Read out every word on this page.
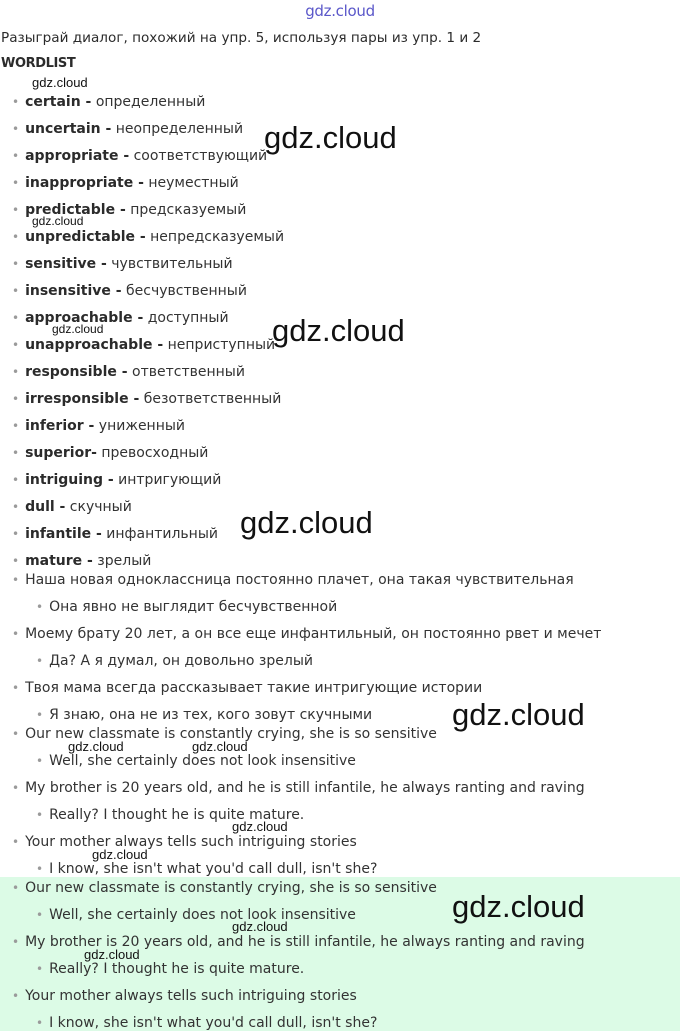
gdz.cloud
Разыграй диалог, похожий на упр. 5, используя пары из упр. 1 и 2
WORDLIST
• certain - определенный
• uncertain - неопределенный
• appropriate - соответствующий
• inappropriate - неуместный
• predictable - предсказуемый
• unpredictable - непредсказуемый
• sensitive - чувствительный
• insensitive - бесчувственный
• approachable - доступный
• unapproachable - неприступный
• responsible - ответственный
• irresponsible - безответственный
• inferior - униженный
• superior- превосходный
• intriguing - интригующий
• dull - скучный
• infantile - инфантильный
• mature - зрелый
• Наша новая одноклассница постоянно плачет, она такая чувствительная
• Она явно не выглядит бесчувственной
• Моему брату 20 лет, а он все еще инфантильный, он постоянно рвет и мечет
• Да? А я думал, он довольно зрелый
• Твоя мама всегда рассказывает такие интригующие истории
• Я знаю, она не из тех, кого зовут скучными
• Our new classmate is constantly crying, she is so sensitive
• Well, she certainly does not look insensitive
• My brother is 20 years old, and he is still infantile, he always ranting and raving
• Really? I thought he is quite mature.
• Your mother always tells such intriguing stories
• I know, she isn't what you'd call dull, isn't she?
• Our new classmate is constantly crying, she is so sensitive
• Well, she certainly does not look insensitive
• My brother is 20 years old, and he is still infantile, he always ranting and raving
• Really? I thought he is quite mature.
• Your mother always tells such intriguing stories
• I know, she isn't what you'd call dull, isn't she?
gdz.cloud
gdz.cloud
gdz.cloud
gdz.cloud	gdz.cloud
gdz.cloud
gdz.cloud
gdz.cloud	gdz.cloud
gdz.cloud
gdz.cloud
gdz.cloud
gdz.cloud
gdz.cloud
